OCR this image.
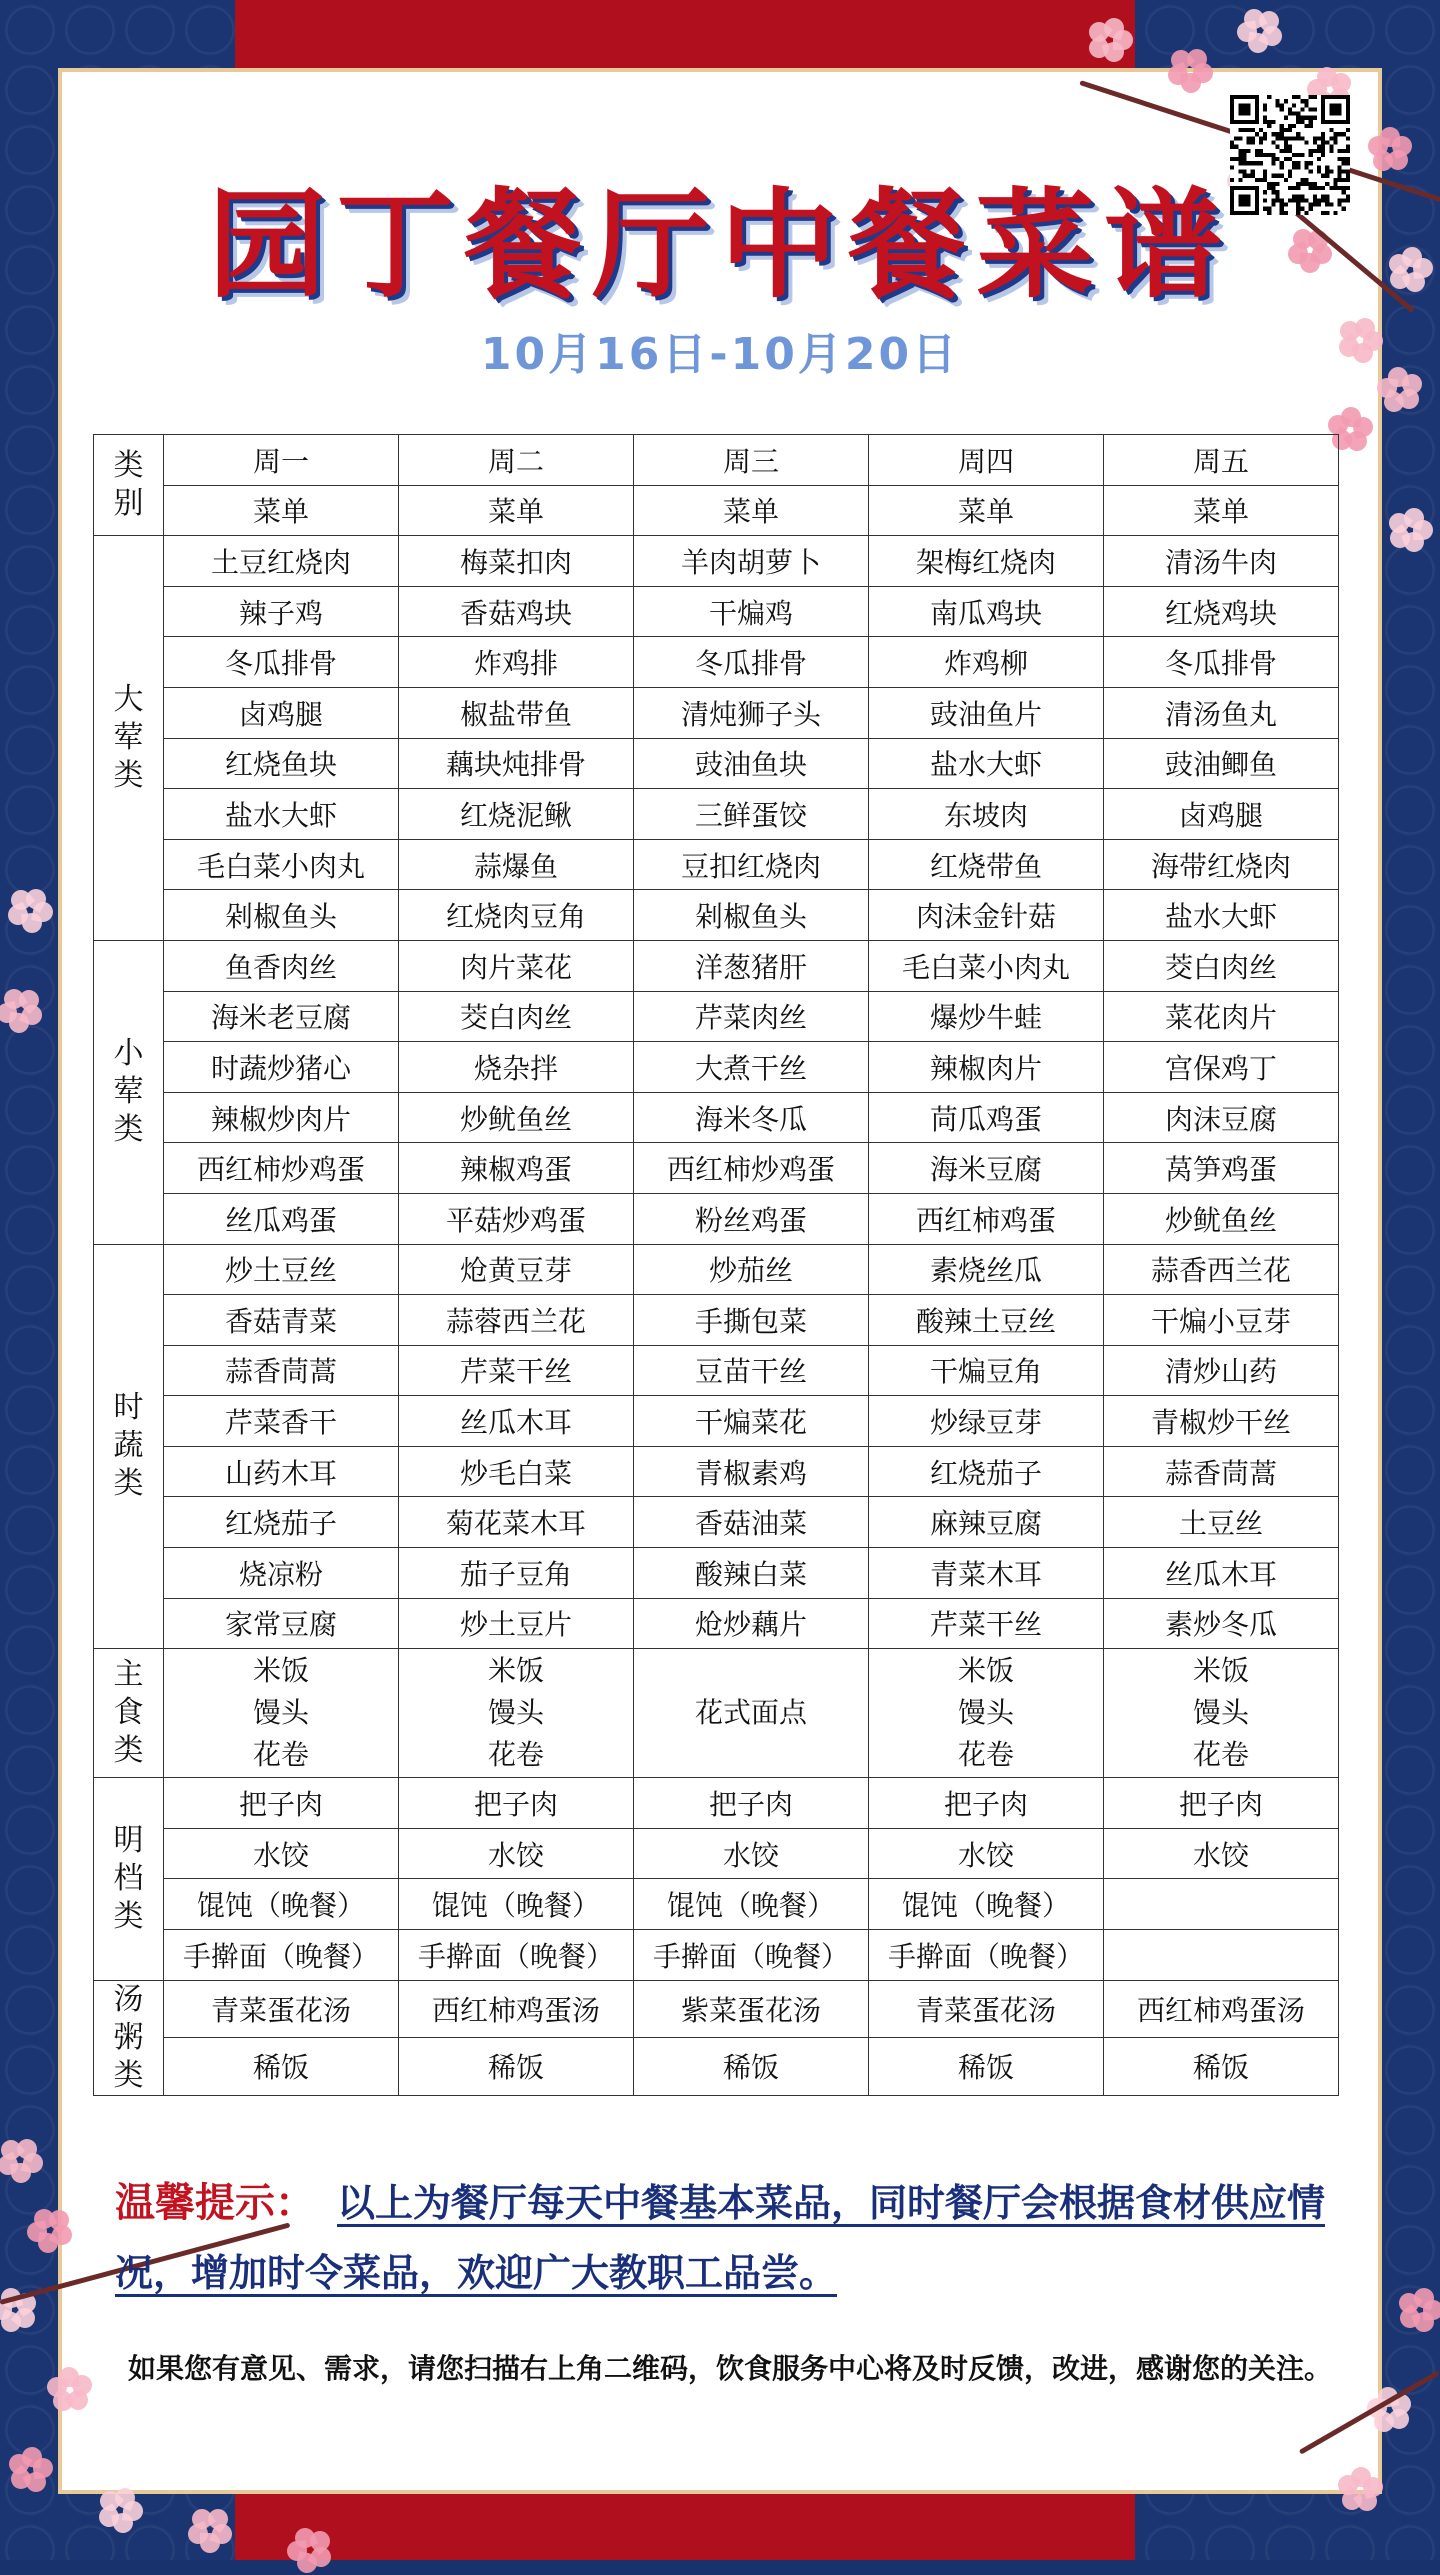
园丁餐厅中餐菜谱
10月16日-10月20日
类
别	周一	周二	周三	周四	周五
	菜单	菜单	菜单	菜单	菜单

大
荤
类	土豆红烧肉	梅菜扣肉	羊肉胡萝卜	架梅红烧肉	清汤牛肉
	辣子鸡	香菇鸡块	干煸鸡	南瓜鸡块	红烧鸡块
	冬瓜排骨	炸鸡排	冬瓜排骨	炸鸡柳	冬瓜排骨
	卤鸡腿	椒盐带鱼	清炖狮子头	豉油鱼片	清汤鱼丸
	红烧鱼块	藕块炖排骨	豉油鱼块	盐水大虾	豉油鲫鱼
	盐水大虾	红烧泥鳅	三鲜蛋饺	东坡肉	卤鸡腿
	毛白菜小肉丸	蒜爆鱼	豆扣红烧肉	红烧带鱼	海带红烧肉
	剁椒鱼头	红烧肉豆角	剁椒鱼头	肉沫金针菇	盐水大虾

小
荤
类	鱼香肉丝	肉片菜花	洋葱猪肝	毛白菜小肉丸	茭白肉丝
	海米老豆腐	茭白肉丝	芹菜肉丝	爆炒牛蛙	菜花肉片
	时蔬炒猪心	烧杂拌	大煮干丝	辣椒肉片	宫保鸡丁
	辣椒炒肉片	炒鱿鱼丝	海米冬瓜	苘瓜鸡蛋	肉沫豆腐
	西红柿炒鸡蛋	辣椒鸡蛋	西红柿炒鸡蛋	海米豆腐	莴笋鸡蛋
	丝瓜鸡蛋	平菇炒鸡蛋	粉丝鸡蛋	西红柿鸡蛋	炒鱿鱼丝

时
蔬
类	炒土豆丝	炝黄豆芽	炒茄丝	素烧丝瓜	蒜香西兰花
	香菇青菜	蒜蓉西兰花	手撕包菜	酸辣土豆丝	干煸小豆芽
	蒜香茼蒿	芹菜干丝	豆苗干丝	干煸豆角	清炒山药
	芹菜香干	丝瓜木耳	干煸菜花	炒绿豆芽	青椒炒干丝
	山药木耳	炒毛白菜	青椒素鸡	红烧茄子	蒜香茼蒿
	红烧茄子	菊花菜木耳	香菇油菜	麻辣豆腐	土豆丝
	烧凉粉	茄子豆角	酸辣白菜	青菜木耳	丝瓜木耳
	家常豆腐	炒土豆片	炝炒藕片	芹菜干丝	素炒冬瓜

主
食
类	米饭
馒头
花卷	米饭
馒头
花卷	花式面点	米饭
馒头
花卷	米饭
馒头
花卷

明
档
类	把子肉	把子肉	把子肉	把子肉	把子肉
	水饺	水饺	水饺	水饺	水饺
	馄饨（晚餐）	馄饨（晚餐）	馄饨（晚餐）	馄饨（晚餐）	
	手擀面（晚餐）	手擀面（晚餐）	手擀面（晚餐）	手擀面（晚餐）	

汤
粥
类	青菜蛋花汤	西红柿鸡蛋汤	紫菜蛋花汤	青菜蛋花汤	西红柿鸡蛋汤
	稀饭	稀饭	稀饭	稀饭	稀饭
温馨提示： 以上为餐厅每天中餐基本菜品，同时餐厅会根据食材供应情况，增加时令菜品，欢迎广大教职工品尝。
如果您有意见、需求，请您扫描右上角二维码，饮食服务中心将及时反馈，改进，感谢您的关注。
